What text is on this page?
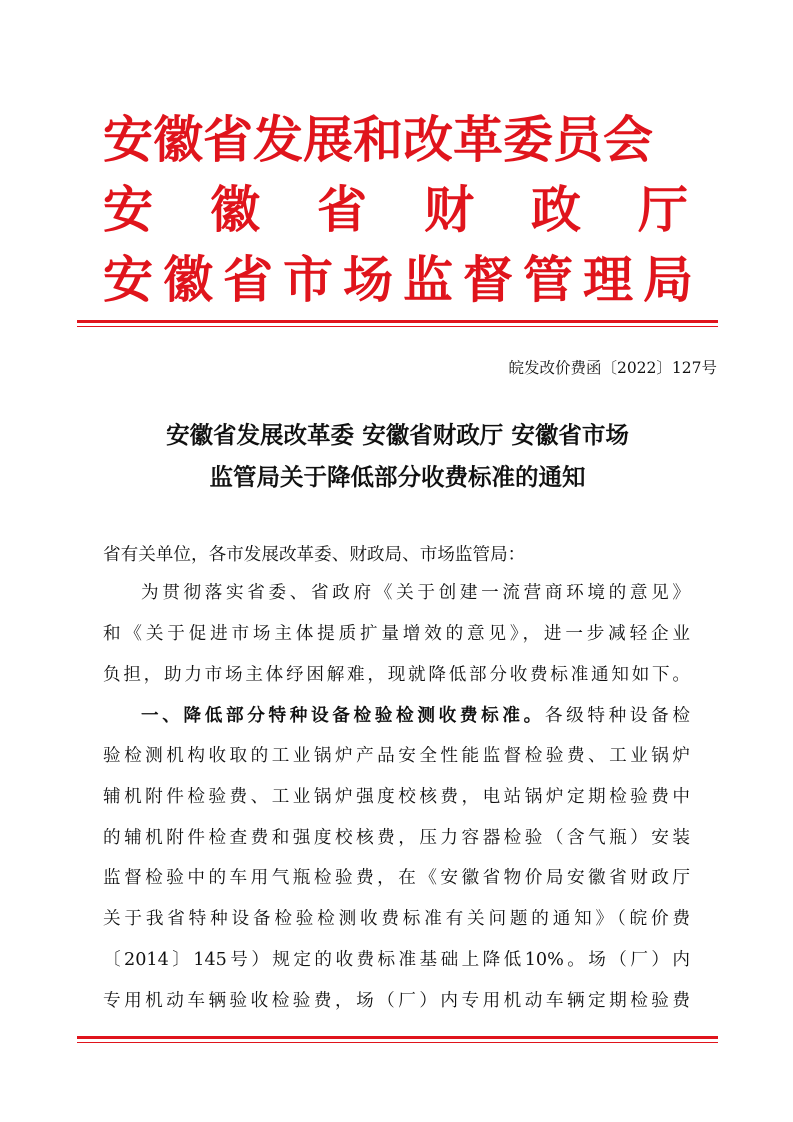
安徽省发展和改革委员会
安徽省财政厅
安徽省市场监督管理局
皖发改价费函〔2022〕127号
安徽省发展改革委 安徽省财政厅 安徽省市场
监管局关于降低部分收费标准的通知
省有关单位，各市发展改革委、财政局、市场监管局：
为贯彻落实省委、省政府《关于创建一流营商环境的意见》
和《关于促进市场主体提质扩量增效的意见》，进一步减轻企业
负担，助力市场主体纾困解难，现就降低部分收费标准通知如下。
一、降低部分特种设备检验检测收费标准。各级特种设备检
验检测机构收取的工业锅炉产品安全性能监督检验费、工业锅炉
辅机附件检验费、工业锅炉强度校核费，电站锅炉定期检验费中
的辅机附件检查费和强度校核费，压力容器检验（含气瓶）安装
监督检验中的车用气瓶检验费，在《安徽省物价局安徽省财政厅
关于我省特种设备检验检测收费标准有关问题的通知》（皖价费
〔2014〕145号）规定的收费标准基础上降低10%。场（厂）内
专用机动车辆验收检验费，场（厂）内专用机动车辆定期检验费
